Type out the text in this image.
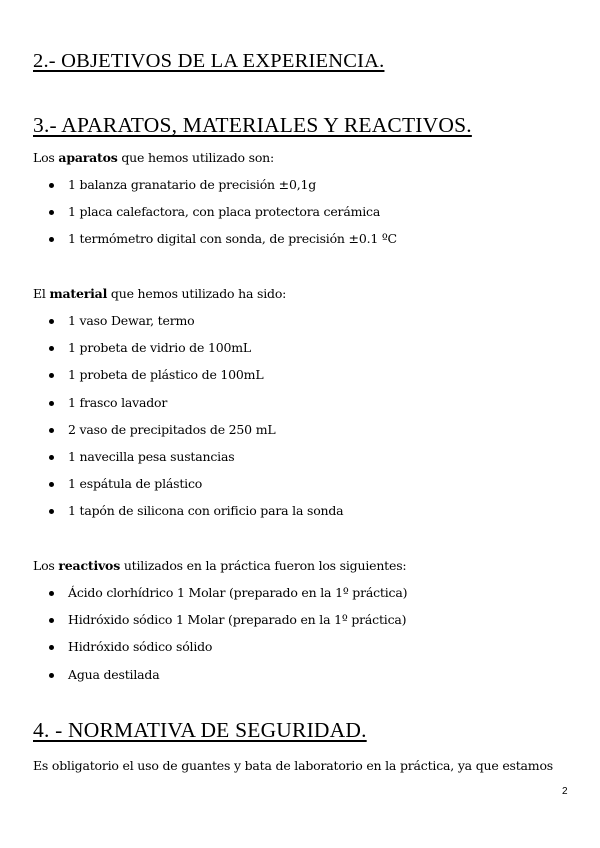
2.- OBJETIVOS DE LA EXPERIENCIA.
3.- APARATOS, MATERIALES Y REACTIVOS.

Los aparatos que hemos utilizado son:

1 balanza granatario de precisión ±0,1g
1 placa calefactora, con placa protectora cerámica
1 termómetro digital con sonda, de precisión ±0.1 ºC

El material que hemos utilizado ha sido:

1 vaso Dewar, termo
1 probeta de vidrio de 100mL
1 probeta de plástico de 100mL
1 frasco lavador
2 vaso de precipitados de 250 mL
1 navecilla pesa sustancias
1 espátula de plástico
1 tapón de silicona con orificio para la sonda

Los reactivos utilizados en la práctica fueron los siguientes:

Ácido clorhídrico 1 Molar (preparado en la 1º práctica)
Hidróxido sódico 1 Molar (preparado en la 1º práctica)
Hidróxido sódico sólido
Agua destilada
4. - NORMATIVA DE SEGURIDAD.

Es obligatorio el uso de guantes y bata de laboratorio en la práctica, ya que estamos

2
